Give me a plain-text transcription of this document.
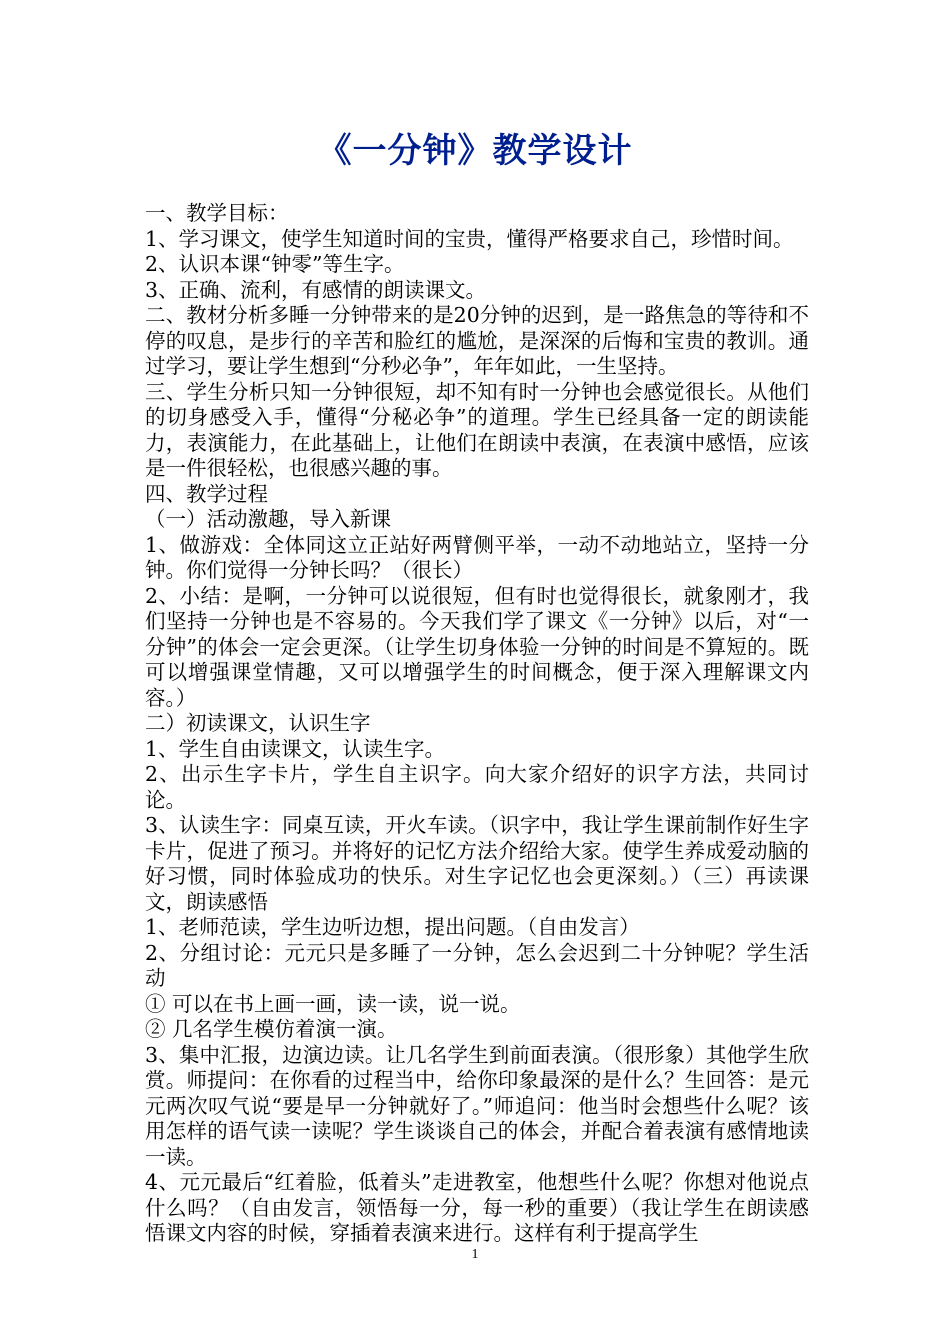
《一分钟》教学设计

一、教学目标：

1、学习课文，使学生知道时间的宝贵，懂得严格要求自己，珍惜时间。

2、认识本课“钟零”等生字。

3、正确、流利，有感情的朗读课文。

二、教材分析多睡一分钟带来的是20分钟的迟到，是一路焦急的等待和不停的叹息，是步行的辛苦和脸红的尴尬，是深深的后悔和宝贵的教训。通过学习，要让学生想到“分秒必争”，年年如此，一生坚持。

三、学生分析只知一分钟很短，却不知有时一分钟也会感觉很长。从他们的切身感受入手，懂得“分秘必争”的道理。学生已经具备一定的朗读能力，表演能力，在此基础上，让他们在朗读中表演，在表演中感悟，应该是一件很轻松，也很感兴趣的事。

四、教学过程

（一）活动激趣，导入新课

1、做游戏：全体同这立正站好两臂侧平举，一动不动地站立，坚持一分钟。你们觉得一分钟长吗？（很长）

2、小结：是啊，一分钟可以说很短，但有时也觉得很长，就象刚才，我们坚持一分钟也是不容易的。今天我们学了课文《一分钟》以后，对“一分钟”的体会一定会更深。（让学生切身体验一分钟的时间是不算短的。既可以增强课堂情趣，又可以增强学生的时间概念，便于深入理解课文内容。）

二）初读课文，认识生字

1、学生自由读课文，认读生字。

2、出示生字卡片，学生自主识字。向大家介绍好的识字方法，共同讨论。

3、认读生字：同桌互读，开火车读。（识字中，我让学生课前制作好生字卡片，促进了预习。并将好的记忆方法介绍给大家。使学生养成爱动脑的好习惯，同时体验成功的快乐。对生字记忆也会更深刻。）（三）再读课文，朗读感悟

1、老师范读，学生边听边想，提出问题。（自由发言）

2、分组讨论：元元只是多睡了一分钟，怎么会迟到二十分钟呢？学生活动

① 可以在书上画一画，读一读，说一说。

② 几名学生模仿着演一演。

3、集中汇报，边演边读。让几名学生到前面表演。（很形象）其他学生欣赏。师提问：在你看的过程当中，给你印象最深的是什么？生回答：是元元两次叹气说“要是早一分钟就好了。”师追问：他当时会想些什么呢？该用怎样的语气读一读呢？学生谈谈自己的体会，并配合着表演有感情地读一读。

4、元元最后“红着脸，低着头”走进教室，他想些什么呢？你想对他说点什么吗？（自由发言，领悟每一分，每一秒的重要）（我让学生在朗读感悟课文内容的时候，穿插着表演来进行。这样有利于提高学生

1
